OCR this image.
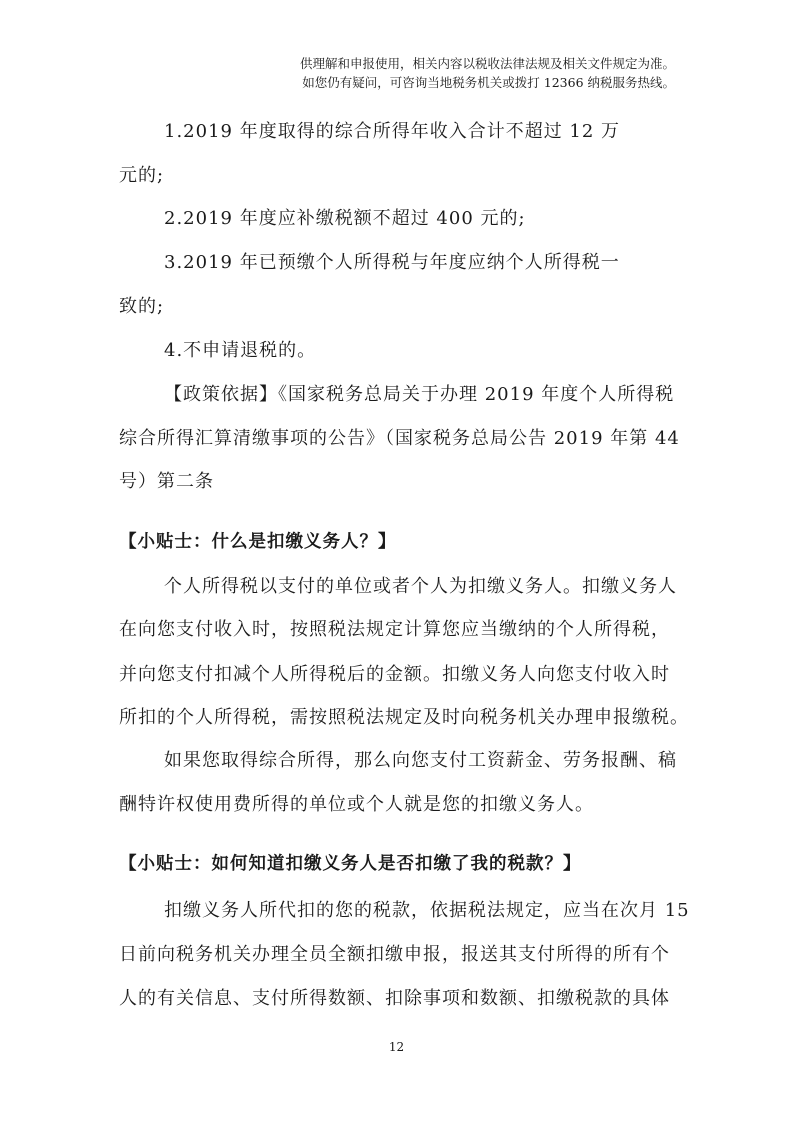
供理解和申报使用，相关内容以税收法律法规及相关文件规定为准。
如您仍有疑问，可咨询当地税务机关或拨打 12366 纳税服务热线。
1.2019 年度取得的综合所得年收入合计不超过 12 万
元的;
2.2019 年度应补缴税额不超过 400 元的;
3.2019 年已预缴个人所得税与年度应纳个人所得税一
致的;
4.不申请退税的。
【政策依据】《国家税务总局关于办理 2019 年度个人所得税
综合所得汇算清缴事项的公告》（国家税务总局公告 2019 年第 44
号）第二条
【小贴士：什么是扣缴义务人？】
个人所得税以支付的单位或者个人为扣缴义务人。扣缴义务人
在向您支付收入时，按照税法规定计算您应当缴纳的个人所得税，
并向您支付扣减个人所得税后的金额。扣缴义务人向您支付收入时
所扣的个人所得税，需按照税法规定及时向税务机关办理申报缴税。
如果您取得综合所得，那么向您支付工资薪金、劳务报酬、稿
酬特许权使用费所得的单位或个人就是您的扣缴义务人。
【小贴士：如何知道扣缴义务人是否扣缴了我的税款？】
扣缴义务人所代扣的您的税款，依据税法规定，应当在次月 15
日前向税务机关办理全员全额扣缴申报，报送其支付所得的所有个
人的有关信息、支付所得数额、扣除事项和数额、扣缴税款的具体
12
